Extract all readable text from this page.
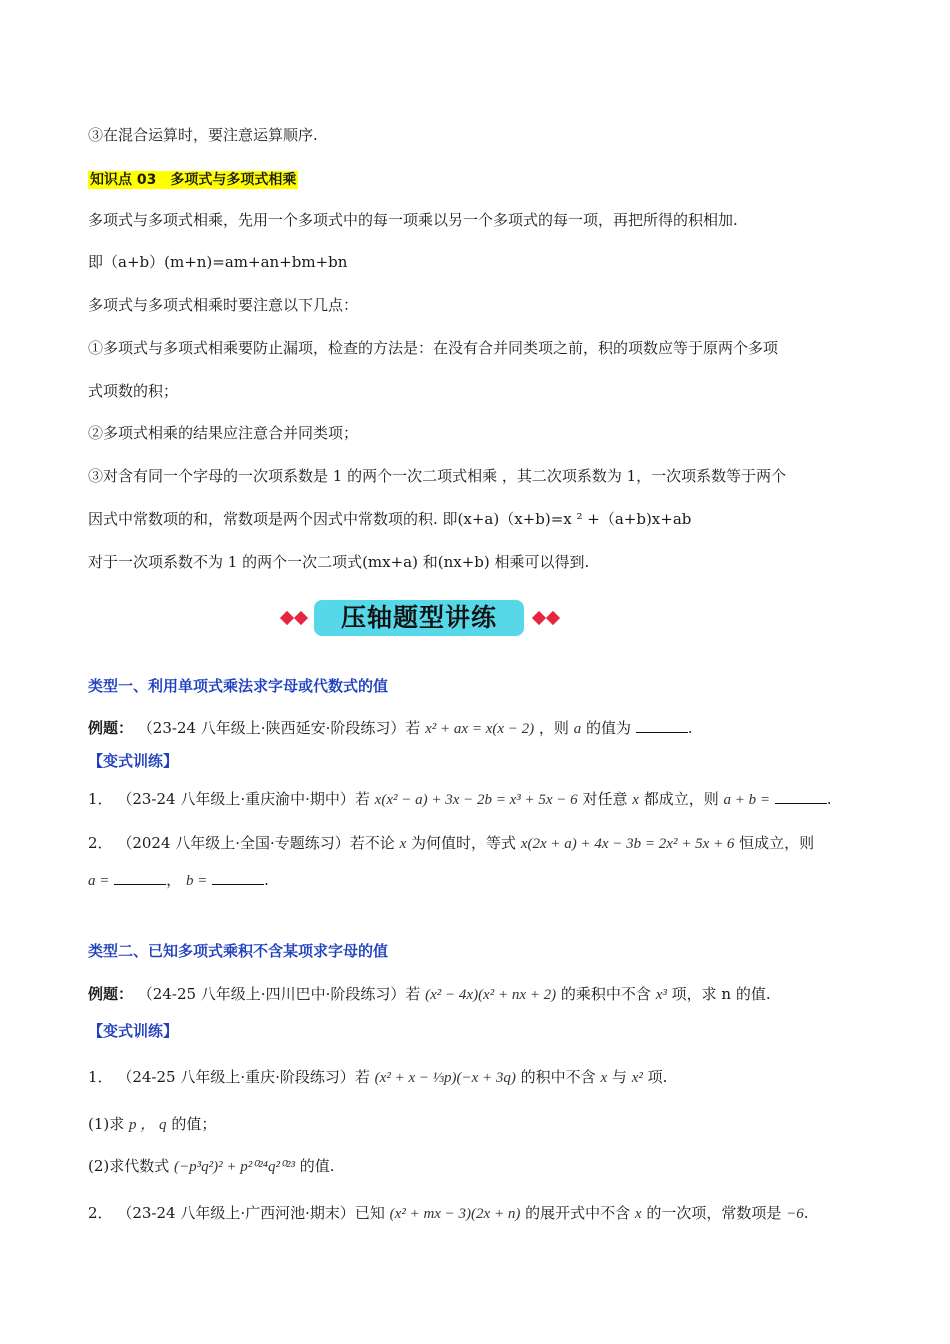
③在混合运算时，要注意运算顺序.
知识点 03　多项式与多项式相乘
多项式与多项式相乘，先用一个多项式中的每一项乘以另一个多项式的每一项，再把所得的积相加.
即（a+b）(m+n)=am+an+bm+bn
多项式与多项式相乘时要注意以下几点：
①多项式与多项式相乘要防止漏项，检查的方法是：在没有合并同类项之前，积的项数应等于原两个多项
式项数的积；
②多项式相乘的结果应注意合并同类项；
③对含有同一个字母的一次项系数是 1 的两个一次二项式相乘 ，其二次项系数为 1，一次项系数等于两个
因式中常数项的和，常数项是两个因式中常数项的积. 即(x+a)（x+b)=x ² +（a+b)x+ab
对于一次项系数不为 1 的两个一次二项式(mx+a) 和(nx+b) 相乘可以得到.
压轴题型讲练
类型一、利用单项式乘法求字母或代数式的值
例题： （23-24 八年级上·陕西延安·阶段练习）若 x² + ax = x(x − 2) ，则 a 的值为	.
【变式训练】
1． （23-24 八年级上·重庆渝中·期中）若 x(x² − a) + 3x − 2b = x³ + 5x − 6 对任意 x 都成立，则 a + b =	.
2． （2024 八年级上·全国·专题练习）若不论 x 为何值时，等式 x(2x + a) + 4x − 3b = 2x² + 5x + 6 恒成立，则
a =	， b =	.
类型二、已知多项式乘积不含某项求字母的值
例题： （24-25 八年级上·四川巴中·阶段练习）若 (x² − 4x)(x² + nx + 2) 的乘积中不含 x³ 项，求 n 的值.
【变式训练】
1． （24-25 八年级上·重庆·阶段练习）若 (x² + x − ⅓p)(−x + 3q) 的积中不含 x 与 x² 项.
(1)求 p ， q 的值；
(2)求代数式 (−p³q²)² + p²⁰²⁴q²⁰²³ 的值.
2． （23-24 八年级上·广西河池·期末）已知 (x² + mx − 3)(2x + n) 的展开式中不含 x 的一次项，常数项是 −6.
